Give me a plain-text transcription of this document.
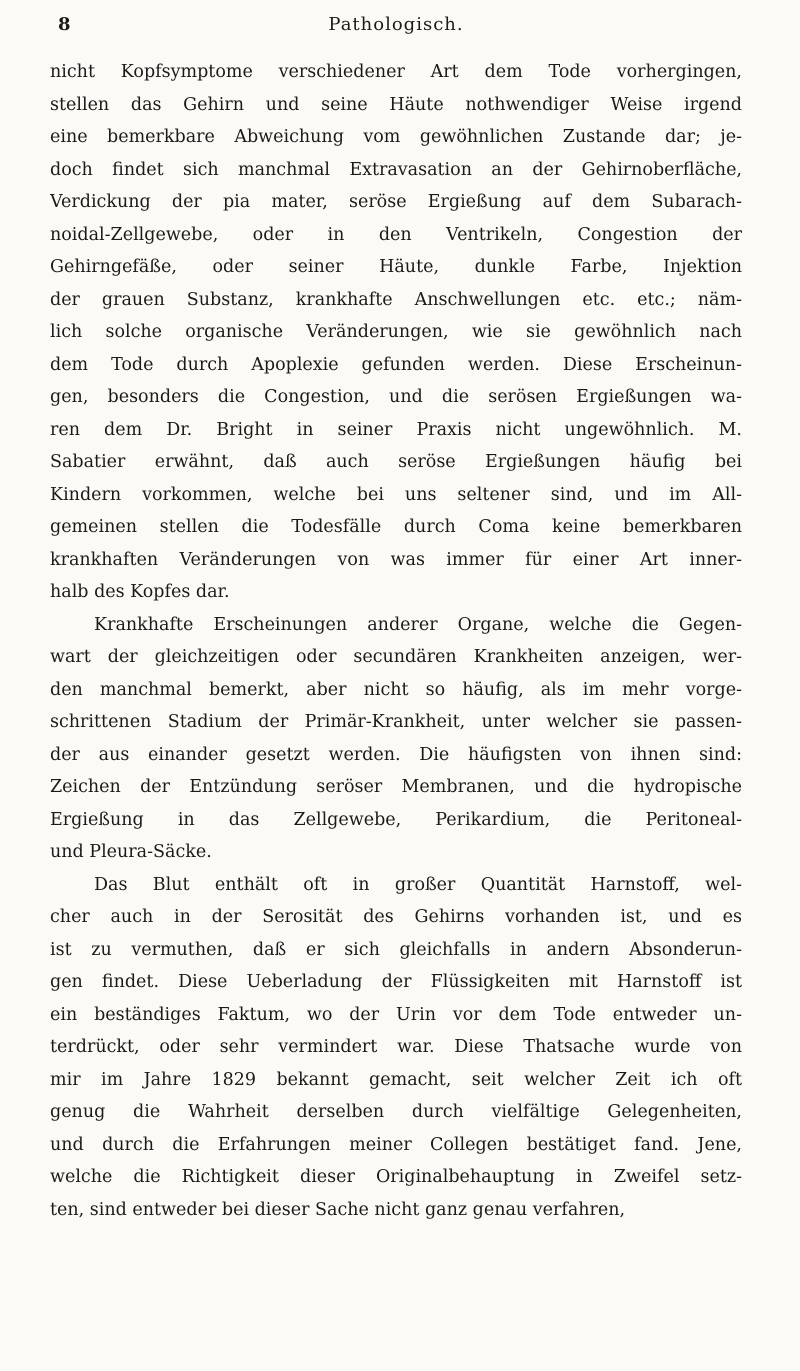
8	Pathologisch.
nicht Kopfsymptome verschiedener Art dem Tode vorhergingen,
stellen das Gehirn und seine Häute nothwendiger Weise irgend
eine bemerkbare Abweichung vom gewöhnlichen Zustande dar; je-
doch findet sich manchmal Extravasation an der Gehirnoberfläche,
Verdickung der pia mater, seröse Ergießung auf dem Subarach-
noidal-Zellgewebe, oder in den Ventrikeln, Congestion der
Gehirngefäße, oder seiner Häute, dunkle Farbe, Injektion
der grauen Substanz, krankhafte Anschwellungen etc. etc.; näm-
lich solche organische Veränderungen, wie sie gewöhnlich nach
dem Tode durch Apoplexie gefunden werden. Diese Erscheinun-
gen, besonders die Congestion, und die serösen Ergießungen wa-
ren dem Dr. Bright in seiner Praxis nicht ungewöhnlich. M.
Sabatier erwähnt, daß auch seröse Ergießungen häufig bei
Kindern vorkommen, welche bei uns seltener sind, und im All-
gemeinen stellen die Todesfälle durch Coma keine bemerkbaren
krankhaften Veränderungen von was immer für einer Art inner-
halb des Kopfes dar.
Krankhafte Erscheinungen anderer Organe, welche die Gegen-
wart der gleichzeitigen oder secundären Krankheiten anzeigen, wer-
den manchmal bemerkt, aber nicht so häufig, als im mehr vorge-
schrittenen Stadium der Primär-Krankheit, unter welcher sie passen-
der aus einander gesetzt werden. Die häufigsten von ihnen sind:
Zeichen der Entzündung seröser Membranen, und die hydropische
Ergießung in das Zellgewebe, Perikardium, die Peritoneal-
und Pleura-Säcke.
Das Blut enthält oft in großer Quantität Harnstoff, wel-
cher auch in der Serosität des Gehirns vorhanden ist, und es
ist zu vermuthen, daß er sich gleichfalls in andern Absonderun-
gen findet. Diese Ueberladung der Flüssigkeiten mit Harnstoff ist
ein beständiges Faktum, wo der Urin vor dem Tode entweder un-
terdrückt, oder sehr vermindert war. Diese Thatsache wurde von
mir im Jahre 1829 bekannt gemacht, seit welcher Zeit ich oft
genug die Wahrheit derselben durch vielfältige Gelegenheiten,
und durch die Erfahrungen meiner Collegen bestätiget fand. Jene,
welche die Richtigkeit dieser Originalbehauptung in Zweifel setz-
ten, sind entweder bei dieser Sache nicht ganz genau verfahren,
